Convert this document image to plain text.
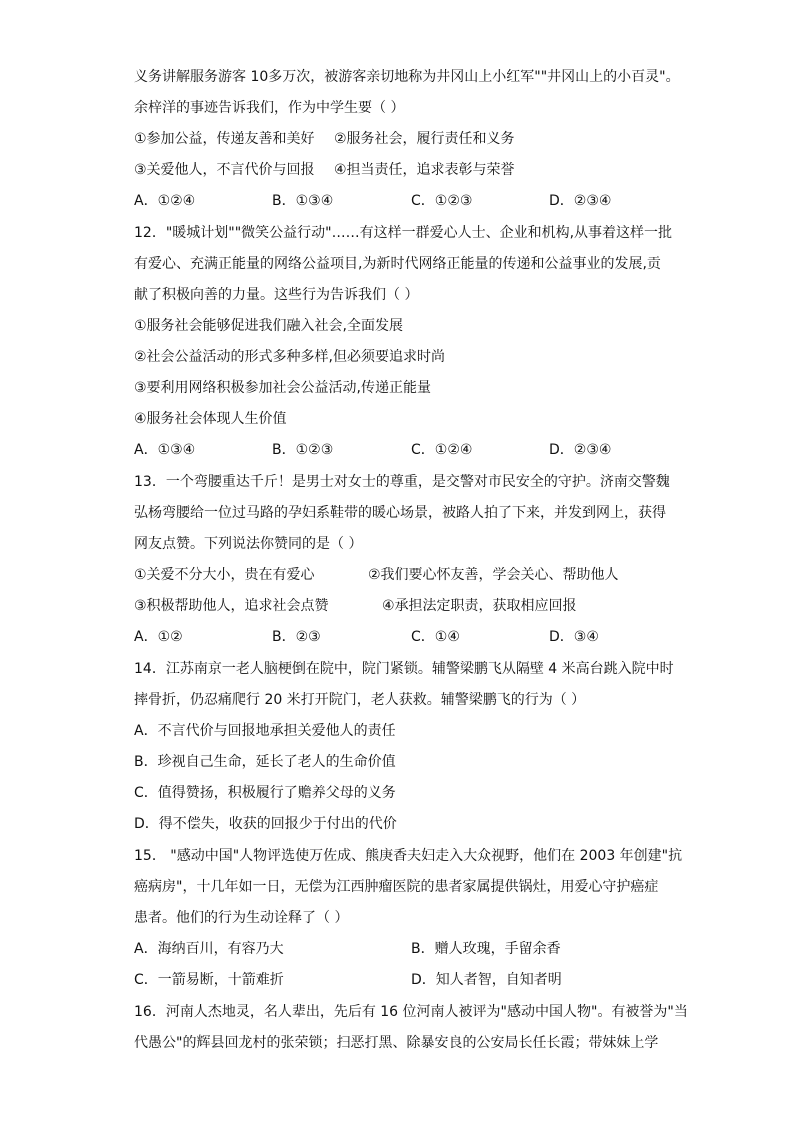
义务讲解服务游客 10多万次，被游客亲切地称为井冈山上小红军""井冈山上的小百灵"。
余梓洋的事迹告诉我们，作为中学生要（ ）
①参加公益，传递友善和美好 ②服务社会，履行责任和义务
③关爱他人，不言代价与回报 ④担当责任，追求表彰与荣誉
A．①②④	B．①③④	C．①②③	D．②③④
12．"暖城计划""微笑公益行动"……有这样一群爱心人士、企业和机构,从事着这样一批
有爱心、充满正能量的网络公益项目,为新时代网络正能量的传递和公益事业的发展,贡
献了积极向善的力量。这些行为告诉我们（ ）
①服务社会能够促进我们融入社会,全面发展
②社会公益活动的形式多种多样,但必须要追求时尚
③要利用网络积极参加社会公益活动,传递正能量
④服务社会体现人生价值
A．①③④	B．①②③	C．①②④	D．②③④
13．一个弯腰重达千斤！是男士对女士的尊重，是交警对市民安全的守护。济南交警魏
弘杨弯腰给一位过马路的孕妇系鞋带的暖心场景，被路人拍了下来，并发到网上，获得
网友点赞。下列说法你赞同的是（ ）
①关爱不分大小，贵在有爱心	②我们要心怀友善，学会关心、帮助他人
③积极帮助他人，追求社会点赞	④承担法定职责，获取相应回报
A．①②	B．②③	C．①④	D．③④
14．江苏南京一老人脑梗倒在院中，院门紧锁。辅警梁鹏飞从隔壁 4 米高台跳入院中时
摔骨折，仍忍痛爬行 20 米打开院门，老人获救。辅警梁鹏飞的行为（ ）
A．不言代价与回报地承担关爱他人的责任
B．珍视自己生命，延长了老人的生命价值
C．值得赞扬，积极履行了赡养父母的义务
D．得不偿失，收获的回报少于付出的代价
15． "感动中国"人物评选使万佐成、熊庚香夫妇走入大众视野，他们在 2003 年创建"抗
癌病房"，十几年如一日，无偿为江西肿瘤医院的患者家属提供锅灶，用爱心守护癌症
患者。他们的行为生动诠释了（ ）
A．海纳百川，有容乃大	B．赠人玫瑰，手留余香
C．一箭易断，十箭难折	D．知人者智，自知者明
16．河南人杰地灵，名人辈出，先后有 16 位河南人被评为"感动中国人物"。有被誉为"当
代愚公"的辉县回龙村的张荣锁；扫恶打黑、除暴安良的公安局长任长霞；带妹妹上学
